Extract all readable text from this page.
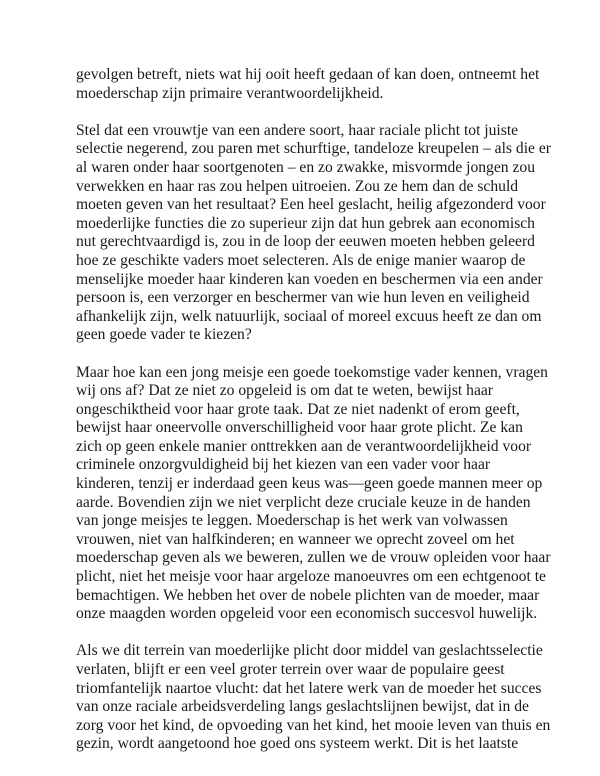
gevolgen betreft, niets wat hij ooit heeft gedaan of kan doen, ontneemt het
moederschap zijn primaire verantwoordelijkheid.

Stel dat een vrouwtje van een andere soort, haar raciale plicht tot juiste
selectie negerend, zou paren met schurftige, tandeloze kreupelen – als die er
al waren onder haar soortgenoten – en zo zwakke, misvormde jongen zou
verwekken en haar ras zou helpen uitroeien. Zou ze hem dan de schuld
moeten geven van het resultaat? Een heel geslacht, heilig afgezonderd voor
moederlijke functies die zo superieur zijn dat hun gebrek aan economisch
nut gerechtvaardigd is, zou in de loop der eeuwen moeten hebben geleerd
hoe ze geschikte vaders moet selecteren. Als de enige manier waarop de
menselijke moeder haar kinderen kan voeden en beschermen via een ander
persoon is, een verzorger en beschermer van wie hun leven en veiligheid
afhankelijk zijn, welk natuurlijk, sociaal of moreel excuus heeft ze dan om
geen goede vader te kiezen?

Maar hoe kan een jong meisje een goede toekomstige vader kennen, vragen
wij ons af? Dat ze niet zo opgeleid is om dat te weten, bewijst haar
ongeschiktheid voor haar grote taak. Dat ze niet nadenkt of erom geeft,
bewijst haar oneervolle onverschilligheid voor haar grote plicht. Ze kan
zich op geen enkele manier onttrekken aan de verantwoordelijkheid voor
criminele onzorgvuldigheid bij het kiezen van een vader voor haar
kinderen, tenzij er inderdaad geen keus was—geen goede mannen meer op
aarde. Bovendien zijn we niet verplicht deze cruciale keuze in de handen
van jonge meisjes te leggen. Moederschap is het werk van volwassen
vrouwen, niet van halfkinderen; en wanneer we oprecht zoveel om het
moederschap geven als we beweren, zullen we de vrouw opleiden voor haar
plicht, niet het meisje voor haar argeloze manoeuvres om een echtgenoot te
bemachtigen. We hebben het over de nobele plichten van de moeder, maar
onze maagden worden opgeleid voor een economisch succesvol huwelijk.

Als we dit terrein van moederlijke plicht door middel van geslachtsselectie
verlaten, blijft er een veel groter terrein over waar de populaire geest
triomfantelijk naartoe vlucht: dat het latere werk van de moeder het succes
van onze raciale arbeidsverdeling langs geslachtslijnen bewijst, dat in de
zorg voor het kind, de opvoeding van het kind, het mooie leven van thuis en
gezin, wordt aangetoond hoe goed ons systeem werkt. Dit is het laatste
